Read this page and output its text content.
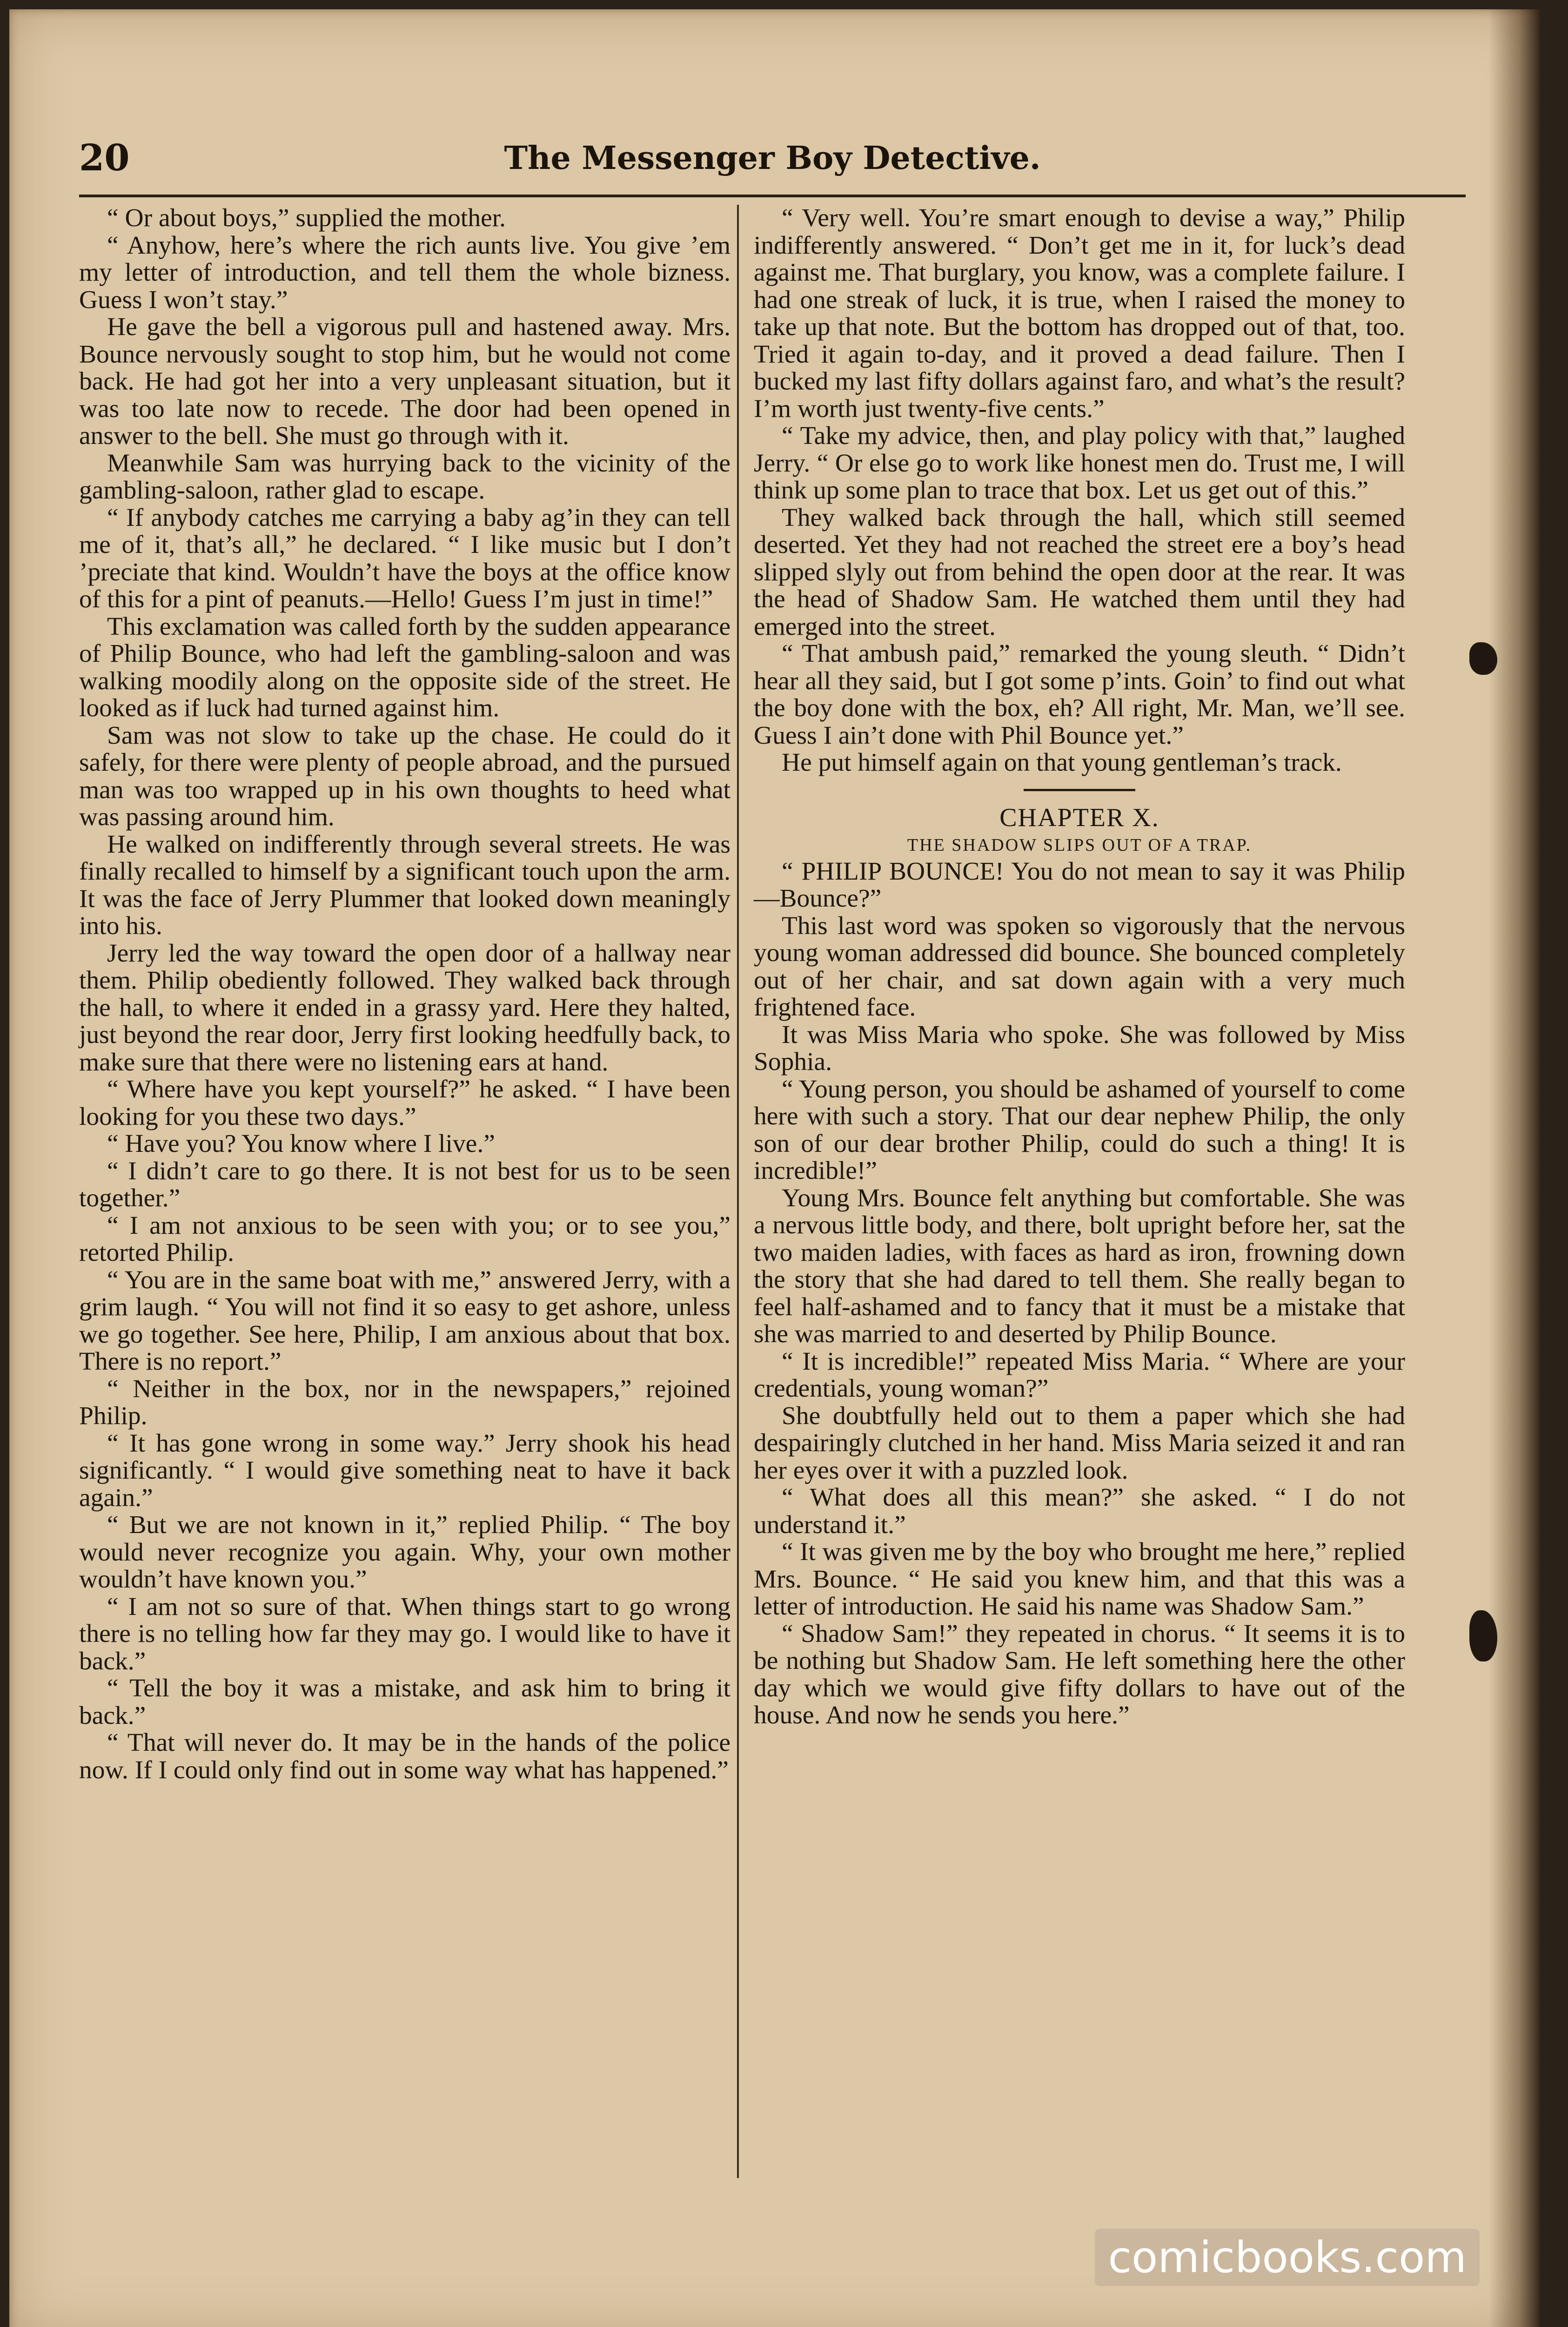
20	The Messenger Boy Detective.

“ Or about boys,” supplied the mother.

“ Anyhow, here’s where the rich aunts live. You give ’em my letter of introduction, and tell them the whole bizness. Guess I won’t stay.”

He gave the bell a vigorous pull and hastened away. Mrs. Bounce nervously sought to stop him, but he would not come back. He had got her into a very unpleasant situation, but it was too late now to recede. The door had been opened in answer to the bell. She must go through with it.

Meanwhile Sam was hurrying back to the vicinity of the gambling-saloon, rather glad to escape.

“ If anybody catches me carrying a baby ag’in they can tell me of it, that’s all,” he declared. “ I like music but I don’t ’preciate that kind. Wouldn’t have the boys at the office know of this for a pint of peanuts.—Hello! Guess I’m just in time!”

This exclamation was called forth by the sudden appearance of Philip Bounce, who had left the gambling-saloon and was walking moodily along on the opposite side of the street. He looked as if luck had turned against him.

Sam was not slow to take up the chase. He could do it safely, for there were plenty of people abroad, and the pursued man was too wrapped up in his own thoughts to heed what was passing around him.

He walked on indifferently through several streets. He was finally recalled to himself by a significant touch upon the arm. It was the face of Jerry Plummer that looked down meaningly into his.

Jerry led the way toward the open door of a hallway near them. Philip obediently followed. They walked back through the hall, to where it ended in a grassy yard. Here they halted, just beyond the rear door, Jerry first looking heedfully back, to make sure that there were no listening ears at hand.

“ Where have you kept yourself?” he asked. “ I have been looking for you these two days.”

“ Have you? You know where I live.”

“ I didn’t care to go there. It is not best for us to be seen together.”

“ I am not anxious to be seen with you; or to see you,” retorted Philip.

“ You are in the same boat with me,” answered Jerry, with a grim laugh. “ You will not find it so easy to get ashore, unless we go together. See here, Philip, I am anxious about that box. There is no report.”

“ Neither in the box, nor in the newspapers,” rejoined Philip.

“ It has gone wrong in some way.” Jerry shook his head significantly. “ I would give something neat to have it back again.”

“ But we are not known in it,” replied Philip. “ The boy would never recognize you again. Why, your own mother wouldn’t have known you.”

“ I am not so sure of that. When things start to go wrong there is no telling how far they may go. I would like to have it back.”

“ Tell the boy it was a mistake, and ask him to bring it back.”

“ That will never do. It may be in the hands of the police now. If I could only find out in some way what has happened.”

“ Very well. You’re smart enough to devise a way,” Philip indifferently answered. “ Don’t get me in it, for luck’s dead against me. That burglary, you know, was a complete failure. I had one streak of luck, it is true, when I raised the money to take up that note. But the bottom has dropped out of that, too. Tried it again to-day, and it proved a dead failure. Then I bucked my last fifty dollars against faro, and what’s the result? I’m worth just twenty-five cents.”

“ Take my advice, then, and play policy with that,” laughed Jerry. “ Or else go to work like honest men do. Trust me, I will think up some plan to trace that box. Let us get out of this.”

They walked back through the hall, which still seemed deserted. Yet they had not reached the street ere a boy’s head slipped slyly out from behind the open door at the rear. It was the head of Shadow Sam. He watched them until they had emerged into the street.

“ That ambush paid,” remarked the young sleuth. “ Didn’t hear all they said, but I got some p’ints. Goin’ to find out what the boy done with the box, eh? All right, Mr. Man, we’ll see. Guess I ain’t done with Phil Bounce yet.”

He put himself again on that young gentleman’s track.

CHAPTER X.
THE SHADOW SLIPS OUT OF A TRAP.

“ PHILIP BOUNCE! You do not mean to say it was Philip—Bounce?”

This last word was spoken so vigorously that the nervous young woman addressed did bounce. She bounced completely out of her chair, and sat down again with a very much frightened face.

It was Miss Maria who spoke. She was followed by Miss Sophia.

“ Young person, you should be ashamed of yourself to come here with such a story. That our dear nephew Philip, the only son of our dear brother Philip, could do such a thing! It is incredible!”

Young Mrs. Bounce felt anything but comfortable. She was a nervous little body, and there, bolt upright before her, sat the two maiden ladies, with faces as hard as iron, frowning down the story that she had dared to tell them. She really began to feel half-ashamed and to fancy that it must be a mistake that she was married to and deserted by Philip Bounce.

“ It is incredible!” repeated Miss Maria. “ Where are your credentials, young woman?”

She doubtfully held out to them a paper which she had despairingly clutched in her hand. Miss Maria seized it and ran her eyes over it with a puzzled look.

“ What does all this mean?” she asked. “ I do not understand it.”

“ It was given me by the boy who brought me here,” replied Mrs. Bounce. “ He said you knew him, and that this was a letter of introduction. He said his name was Shadow Sam.”

“ Shadow Sam!” they repeated in chorus. “ It seems it is to be nothing but Shadow Sam. He left something here the other day which we would give fifty dollars to have out of the house. And now he sends you here.”

comicbooks.com
